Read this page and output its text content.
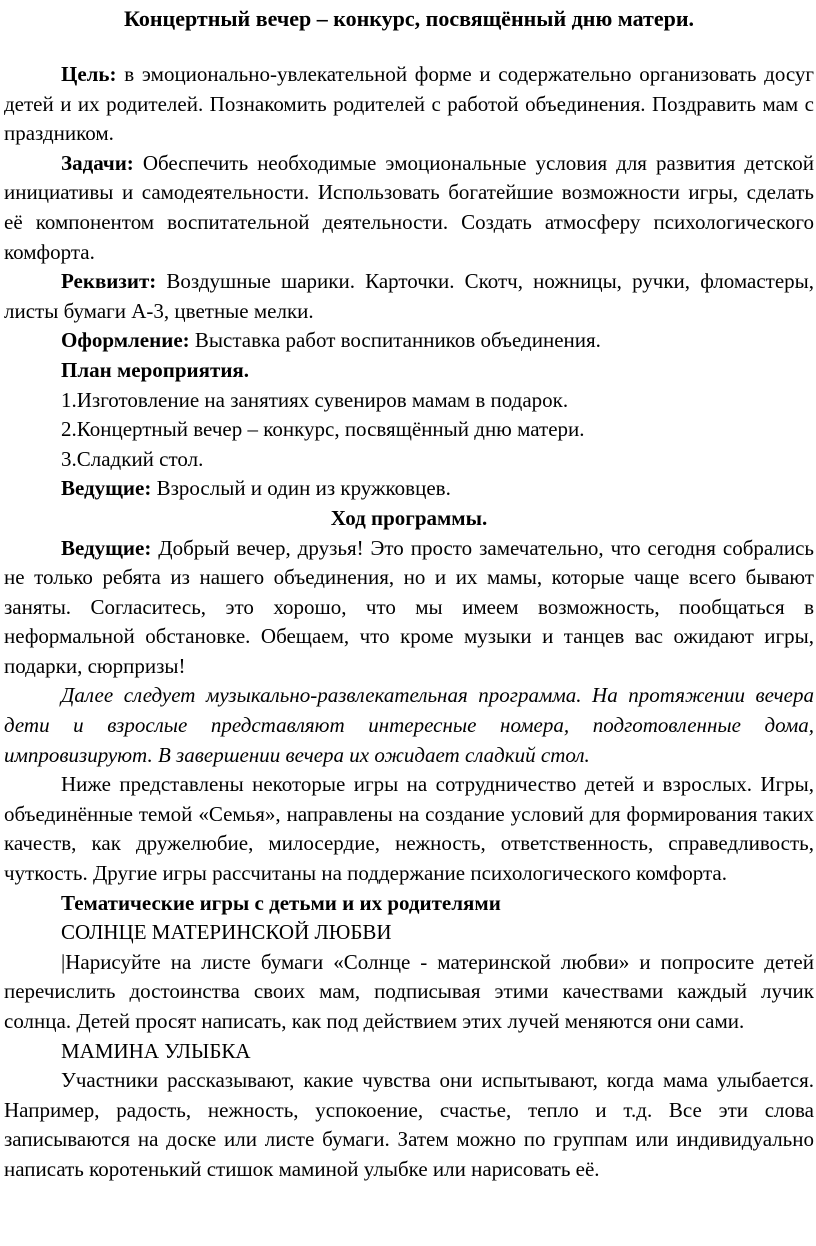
Концертный вечер – конкурс, посвящённый дню матери.

Цель: в эмоционально-увлекательной форме и содержательно организовать досуг детей и их родителей. Познакомить родителей с работой объединения. Поздравить мам с праздником.

Задачи: Обеспечить необходимые эмоциональные условия для развития детской инициативы и самодеятельности. Использовать богатейшие возможности игры, сделать её компонентом воспитательной деятельности. Создать атмосферу психологического комфорта.

Реквизит: Воздушные шарики. Карточки. Скотч, ножницы, ручки, фломастеры, листы бумаги А-3, цветные мелки.

Оформление: Выставка работ воспитанников объединения.

План мероприятия.

1.Изготовление на занятиях сувениров мамам в подарок.

2.Концертный вечер – конкурс, посвящённый дню матери.

3.Сладкий стол.

Ведущие: Взрослый и один из кружковцев.

Ход программы.

Ведущие: Добрый вечер, друзья! Это просто замечательно, что сегодня собрались не только ребята из нашего объединения, но и их мамы, которые чаще всего бывают заняты. Согласитесь, это хорошо, что мы имеем возможность, пообщаться в неформальной обстановке. Обещаем, что кроме музыки и танцев вас ожидают игры, подарки, сюрпризы!

Далее следует музыкально-развлекательная программа. На протяжении вечера дети и взрослые представляют интересные номера, подготовленные дома, импровизируют. В завершении вечера их ожидает сладкий стол.

Ниже представлены некоторые игры на сотрудничество детей и взрослых. Игры, объединённые темой «Семья», направлены на создание условий для формирования таких качеств, как дружелюбие, милосердие, нежность, ответственность, справедливость, чуткость. Другие игры рассчитаны на поддержание психологического комфорта.

Тематические игры с детьми и их родителями

СОЛНЦЕ МАТЕРИНСКОЙ ЛЮБВИ

|Нарисуйте на листе бумаги «Солнце - материнской любви» и попросите детей перечислить достоинства своих мам, подписывая этими качествами каждый лучик солнца. Детей просят написать, как под действием этих лучей меняются они сами.

МАМИНА УЛЫБКА

Участники рассказывают, какие чувства они испытывают, когда мама улыбается. Например, радость, нежность, успокоение, счастье, тепло и т.д. Все эти слова записываются на доске или листе бумаги. Затем можно по группам или индивидуально написать коротенький стишок маминой улыбке или нарисовать её.
